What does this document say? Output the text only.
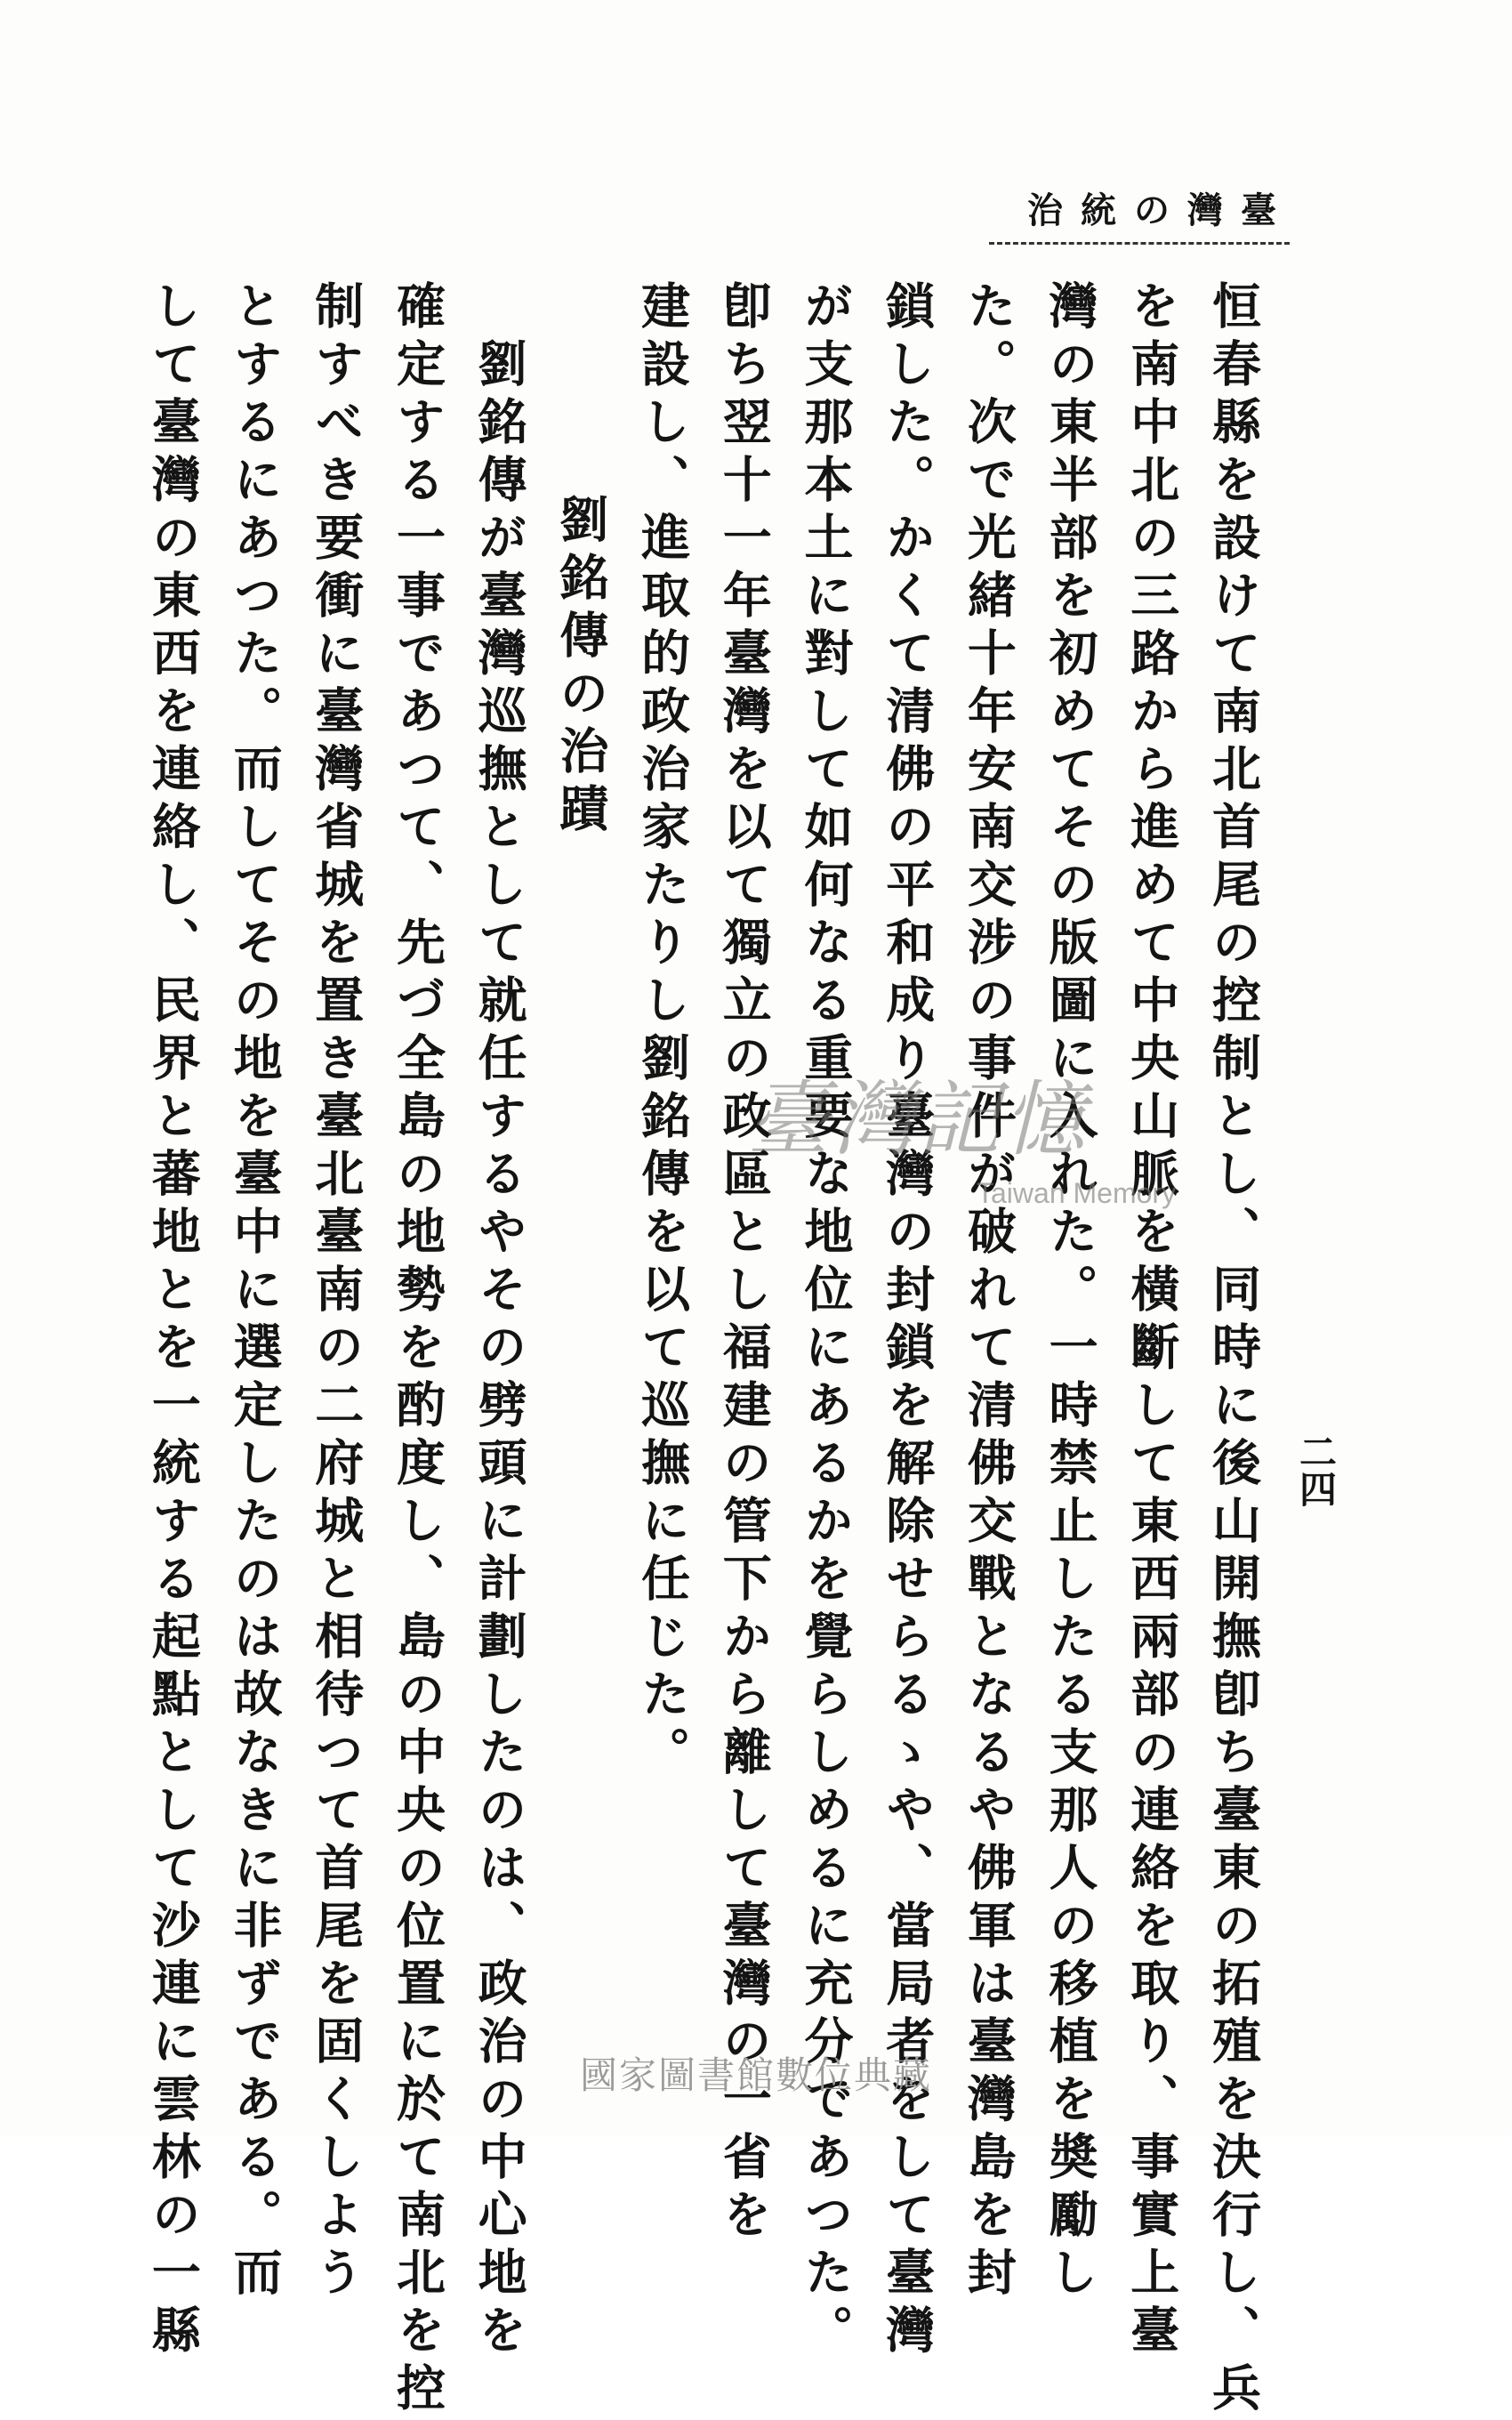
臺灣の統治
二四
恒春縣を設けて南北首尾の控制とし、同時に後山開撫卽ち臺東の拓殖を決行し、兵
を南中北の三路から進めて中央山脈を橫斷して東西兩部の連絡を取り、事實上臺
灣の東半部を初めてその版圖に入れた。一時禁止したる支那人の移植を奬勵し
た。次で光緒十年安南交涉の事件が破れて清佛交戰となるや佛軍は臺灣島を封
鎖した。かくて清佛の平和成り臺灣の封鎖を解除せらるゝや、當局者をして臺灣
が支那本土に對して如何なる重要な地位にあるかを覺らしめるに充分であつた。
卽ち翌十一年臺灣を以て獨立の政區とし福建の管下から離して臺灣の一省を
建設し、進取的政治家たりし劉銘傳を以て巡撫に任じた。
劉銘傳の治蹟
劉銘傳が臺灣巡撫として就任するやその劈頭に計劃したのは、政治の中心地を
確定する一事であつて、先づ全島の地勢を酌度し、島の中央の位置に於て南北を控
制すべき要衝に臺灣省城を置き臺北臺南の二府城と相待つて首尾を固くしよう
とするにあつた。而してその地を臺中に選定したのは故なきに非ずである。而
して臺灣の東西を連絡し、民界と蕃地とを一統する起點として沙連に雲林の一縣	臺灣記憶
Taiwan Memory
國家圖書館數位典藏
